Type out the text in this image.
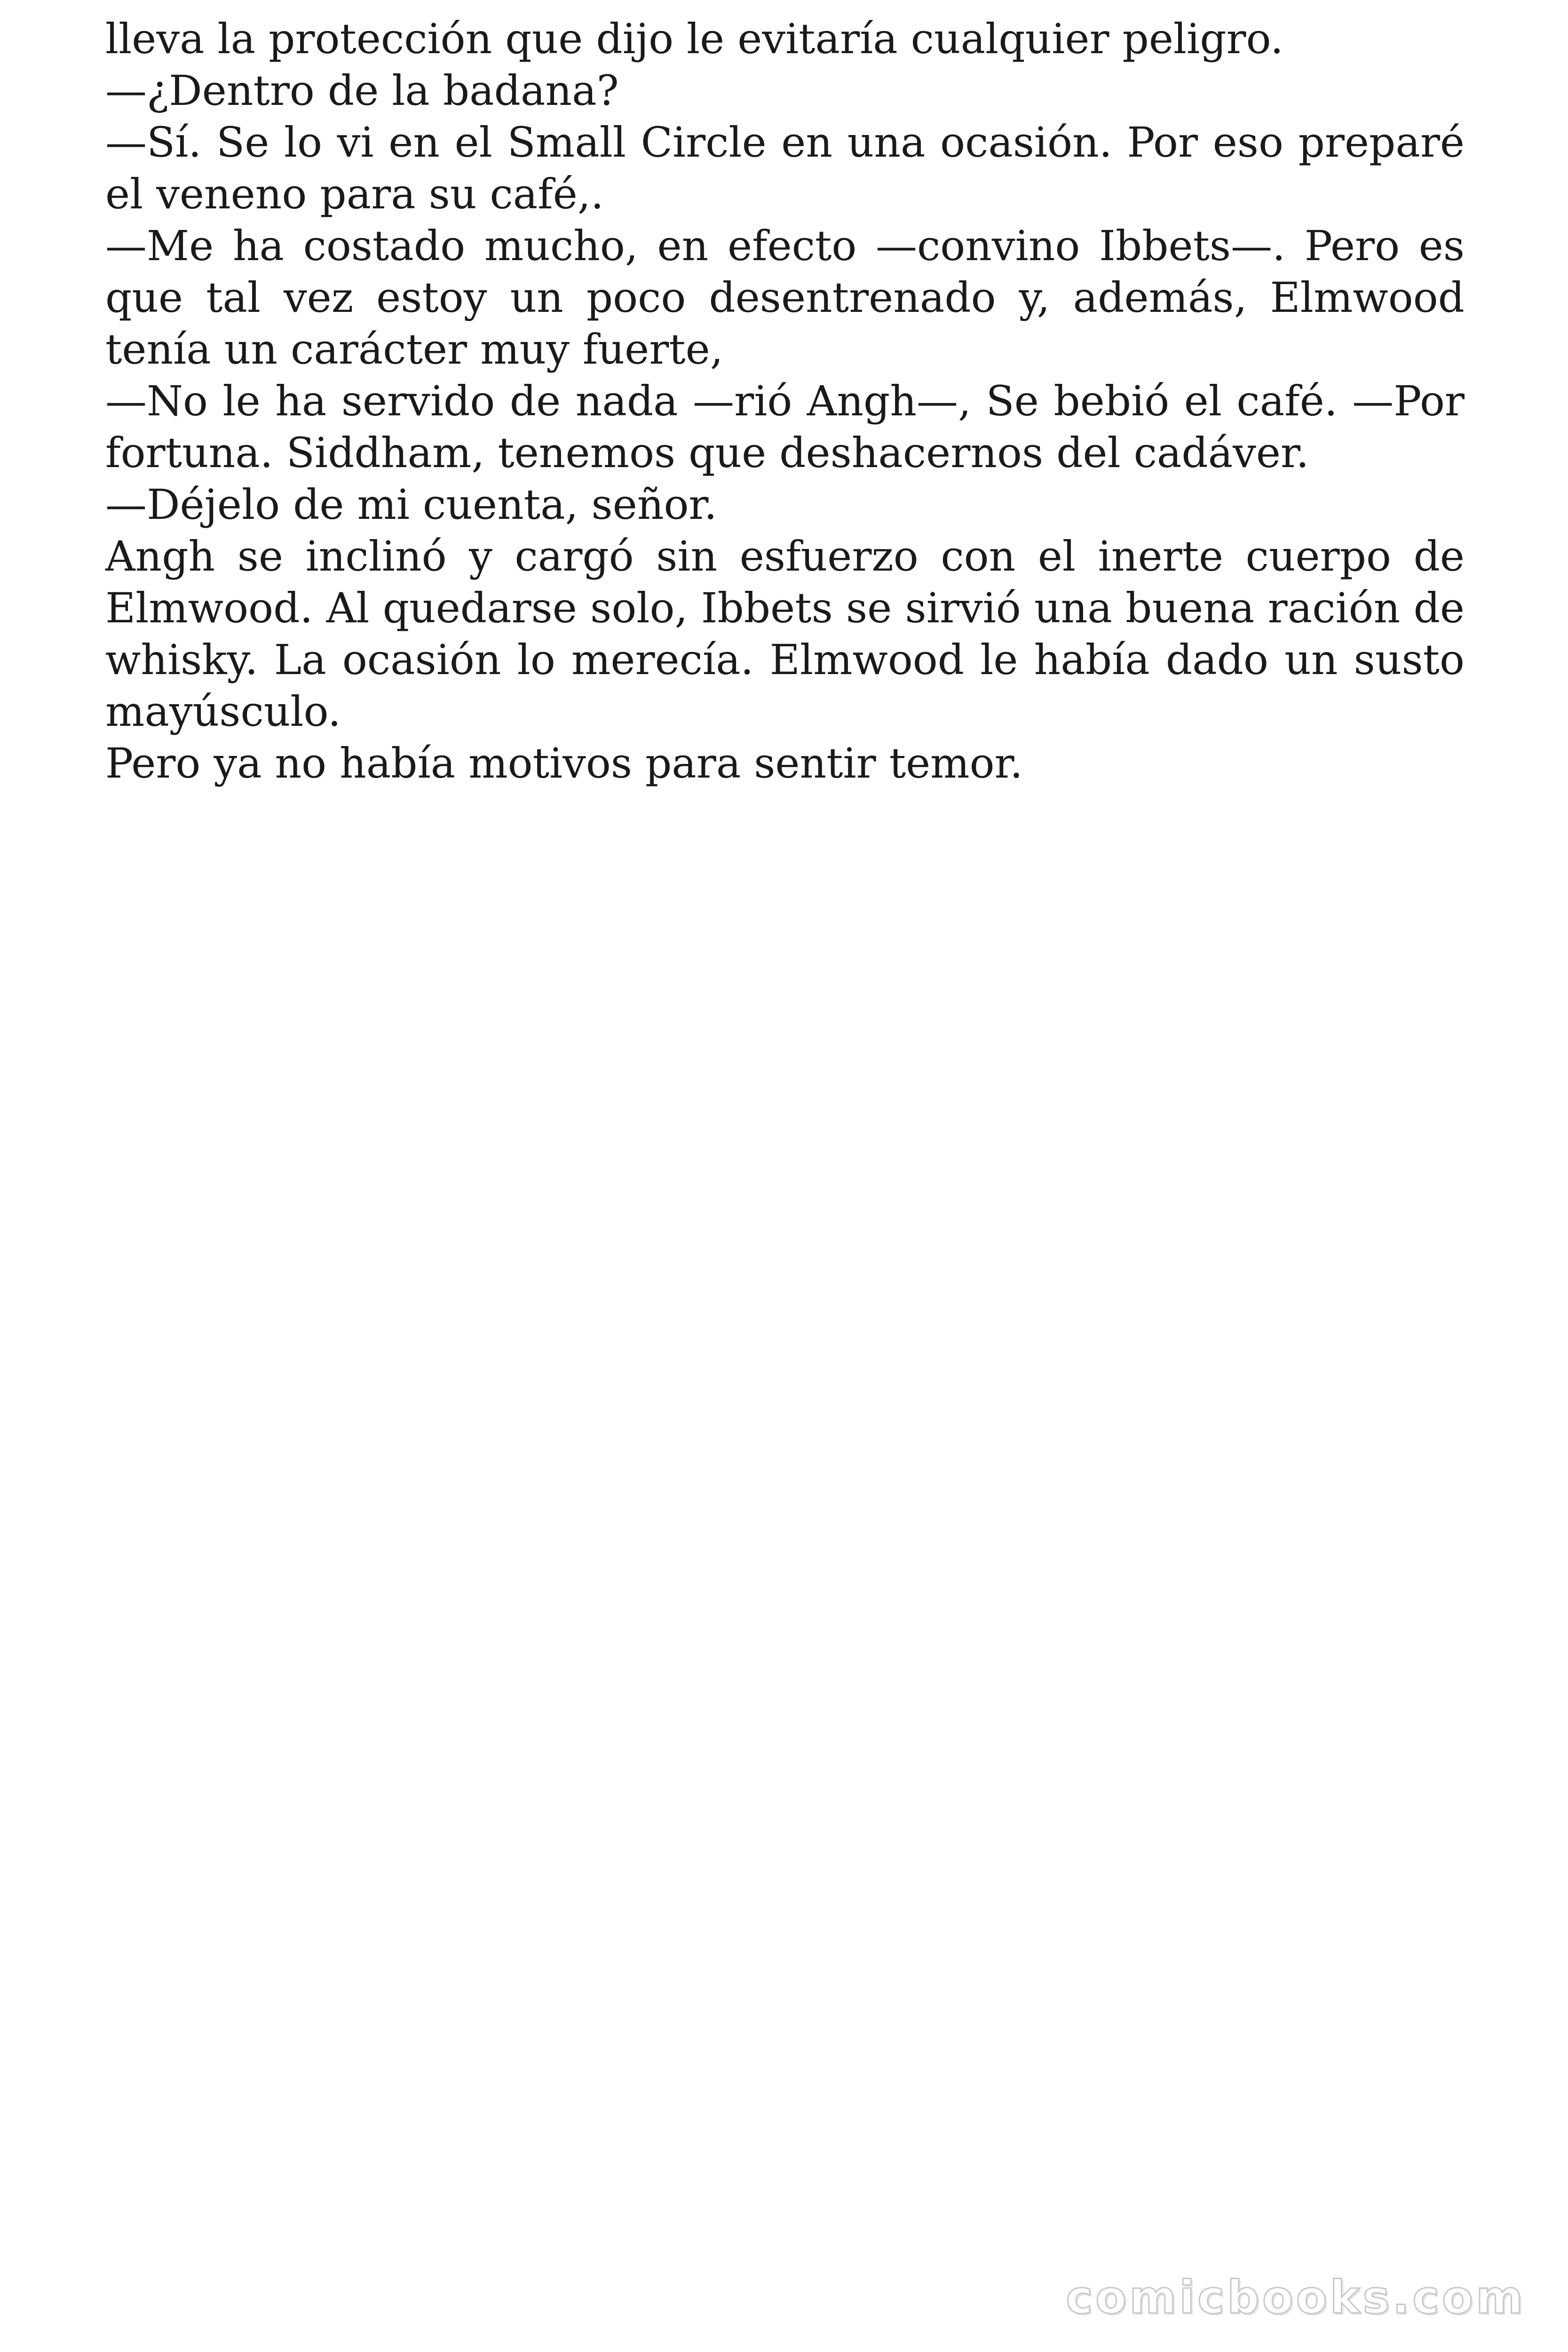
lleva la protección que dijo le evitaría cualquier peligro.

—¿Dentro de la badana?

—Sí. Se lo vi en el Small Circle en una ocasión. Por eso preparé el veneno para su café,.

—Me ha costado mucho, en efecto —convino Ibbets—. Pero es que tal vez estoy un poco desentrenado y, además, Elmwood tenía un carácter muy fuerte,

—No le ha servido de nada —rió Angh—, Se bebió el café. —Por fortuna. Siddham, tenemos que deshacernos del cadáver.

—Déjelo de mi cuenta, señor.

Angh se inclinó y cargó sin esfuerzo con el inerte cuerpo de Elmwood. Al quedarse solo, Ibbets se sirvió una buena ración de whisky. La ocasión lo merecía. Elmwood le había dado un susto mayúsculo.

Pero ya no había motivos para sentir temor.

comicbooks.com
